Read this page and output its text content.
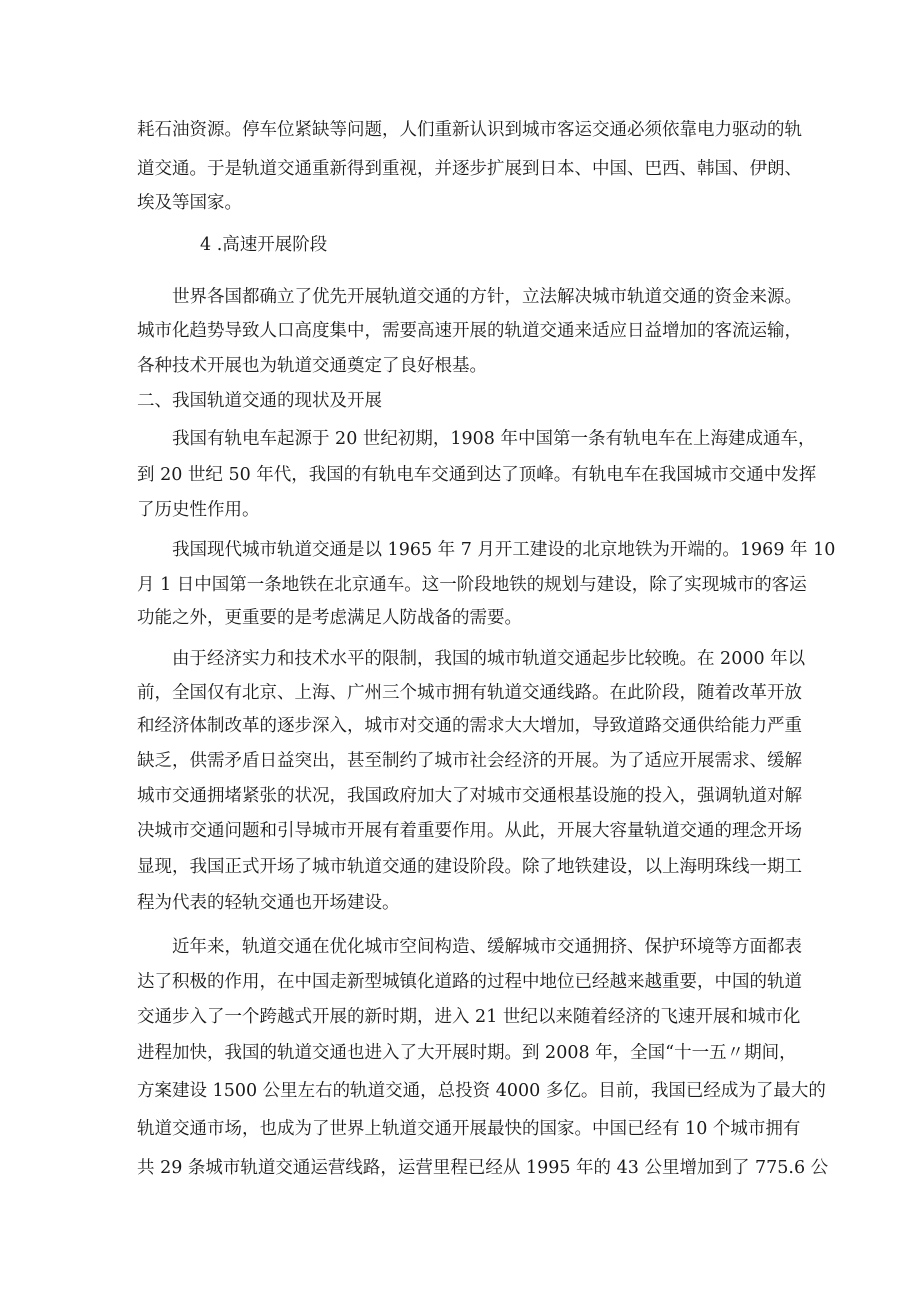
耗石油资源。停车位紧缺等问题，人们重新认识到城市客运交通必须依靠电力驱动的轨
道交通。于是轨道交通重新得到重视，并逐步扩展到日本、中国、巴西、韩国、伊朗、
埃及等国家。
4 .高速开展阶段
世界各国都确立了优先开展轨道交通的方针，立法解决城市轨道交通的资金来源。
城市化趋势导致人口高度集中，需要高速开展的轨道交通来适应日益增加的客流运输，
各种技术开展也为轨道交通奠定了良好根基。
二、我国轨道交通的现状及开展
我国有轨电车起源于 20 世纪初期，1908 年中国第一条有轨电车在上海建成通车，
到 20 世纪 50 年代，我国的有轨电车交通到达了顶峰。有轨电车在我国城市交通中发挥
了历史性作用。
我国现代城市轨道交通是以 1965 年 7 月开工建设的北京地铁为开端的。1969 年 10
月 1 日中国第一条地铁在北京通车。这一阶段地铁的规划与建设，除了实现城市的客运
功能之外，更重要的是考虑满足人防战备的需要。
由于经济实力和技术水平的限制，我国的城市轨道交通起步比较晚。在 2000 年以
前，全国仅有北京、上海、广州三个城市拥有轨道交通线路。在此阶段，随着改革开放
和经济体制改革的逐步深入，城市对交通的需求大大增加，导致道路交通供给能力严重
缺乏，供需矛盾日益突出，甚至制约了城市社会经济的开展。为了适应开展需求、缓解
城市交通拥堵紧张的状况，我国政府加大了对城市交通根基设施的投入，强调轨道对解
决城市交通问题和引导城市开展有着重要作用。从此，开展大容量轨道交通的理念开场
显现，我国正式开场了城市轨道交通的建设阶段。除了地铁建设，以上海明珠线一期工
程为代表的轻轨交通也开场建设。
近年来，轨道交通在优化城市空间构造、缓解城市交通拥挤、保护环境等方面都表
达了积极的作用，在中国走新型城镇化道路的过程中地位已经越来越重要，中国的轨道
交通步入了一个跨越式开展的新时期，进入 21 世纪以来随着经济的飞速开展和城市化
进程加快，我国的轨道交通也进入了大开展时期。到 2008 年，全国“十一五〃期间，
方案建设 1500 公里左右的轨道交通，总投资 4000 多亿。目前，我国已经成为了最大的
轨道交通市场，也成为了世界上轨道交通开展最快的国家。中国已经有 10 个城市拥有
共 29 条城市轨道交通运营线路，运营里程已经从 1995 年的 43 公里增加到了 775.6 公
